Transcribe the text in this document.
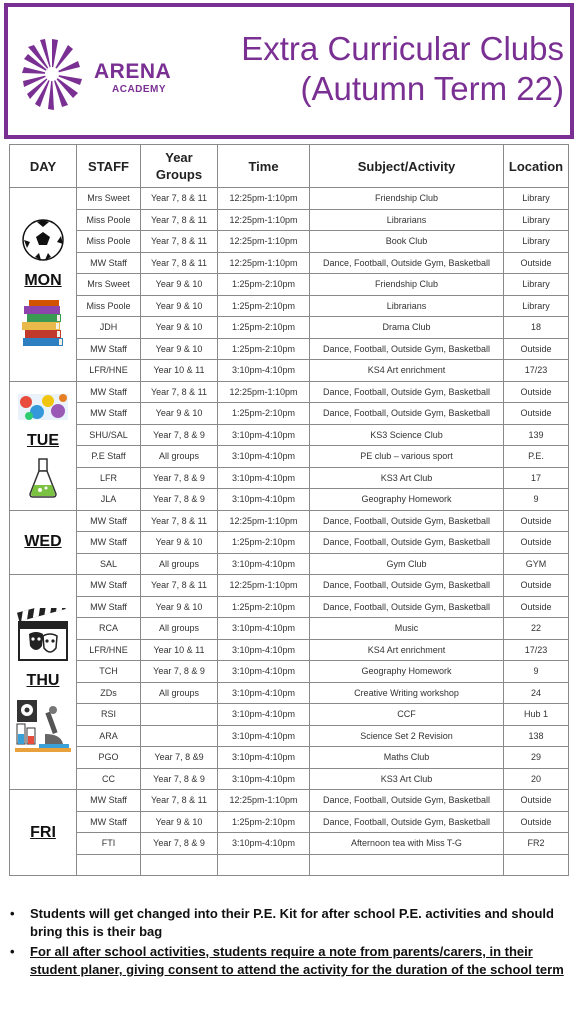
ARENA
ACADEMY
Extra Curricular Clubs
(Autumn Term 22)
DAY	STAFF	Year Groups	Time	Subject/Activity	Location

MON	Mrs Sweet	Year 7, 8 & 11	12:25pm-1:10pm	Friendship Club	Library
	Miss Poole	Year 7, 8 & 11	12:25pm-1:10pm	Librarians	Library
	Miss Poole	Year 7, 8 & 11	12:25pm-1:10pm	Book Club	Library
	MW Staff	Year 7, 8 & 11	12:25pm-1:10pm	Dance, Football, Outside Gym, Basketball	Outside
	Mrs Sweet	Year 9 & 10	1:25pm-2:10pm	Friendship Club	Library
	Miss Poole	Year 9 & 10	1:25pm-2:10pm	Librarians	Library
	JDH	Year 9 & 10	1:25pm-2:10pm	Drama Club	18
	MW Staff	Year 9 & 10	1:25pm-2:10pm	Dance, Football, Outside Gym, Basketball	Outside
	LFR/HNE	Year 10 & 11	3:10pm-4:10pm	KS4 Art enrichment	17/23

TUE	MW Staff	Year 7, 8 & 11	12:25pm-1:10pm	Dance, Football, Outside Gym, Basketball	Outside
	MW Staff	Year 9 & 10	1:25pm-2:10pm	Dance, Football, Outside Gym, Basketball	Outside
	SHU/SAL	Year 7, 8 & 9	3:10pm-4:10pm	KS3 Science Club	139
	P.E Staff	All groups	3:10pm-4:10pm	PE club – various sport	P.E.
	LFR	Year 7, 8 & 9	3:10pm-4:10pm	KS3 Art Club	17
	JLA	Year 7, 8 & 9	3:10pm-4:10pm	Geography Homework	9

WED	MW Staff	Year 7, 8 & 11	12:25pm-1:10pm	Dance, Football, Outside Gym, Basketball	Outside
	MW Staff	Year 9 & 10	1:25pm-2:10pm	Dance, Football, Outside Gym, Basketball	Outside
	SAL	All groups	3:10pm-4:10pm	Gym Club	GYM

THU	MW Staff	Year 7, 8 & 11	12:25pm-1:10pm	Dance, Football, Outside Gym, Basketball	Outside
	MW Staff	Year 9 & 10	1:25pm-2:10pm	Dance, Football, Outside Gym, Basketball	Outside
	RCA	All groups	3:10pm-4:10pm	Music	22
	LFR/HNE	Year 10 & 11	3:10pm-4:10pm	KS4 Art enrichment	17/23
	TCH	Year 7, 8 & 9	3:10pm-4:10pm	Geography Homework	9
	ZDs	All groups	3:10pm-4:10pm	Creative Writing workshop	24
	RSI		3:10pm-4:10pm	CCF	Hub 1
	ARA		3:10pm-4:10pm	Science Set 2 Revision	138
	PGO	Year 7, 8 &9	3:10pm-4:10pm	Maths Club	29
	CC	Year 7, 8 & 9	3:10pm-4:10pm	KS3 Art Club	20

FRI	MW Staff	Year 7, 8 & 11	12:25pm-1:10pm	Dance, Football, Outside Gym, Basketball	Outside
	MW Staff	Year 9 & 10	1:25pm-2:10pm	Dance, Football, Outside Gym, Basketball	Outside
	FTI	Year 7, 8 & 9	3:10pm-4:10pm	Afternoon tea with Miss T-G	FR2

• Students will get changed into their P.E. Kit for after school P.E. activities and should bring this is their bag
• For all after school activities, students require a note from parents/carers, in their student planer, giving consent to attend the activity for the duration of the school term
